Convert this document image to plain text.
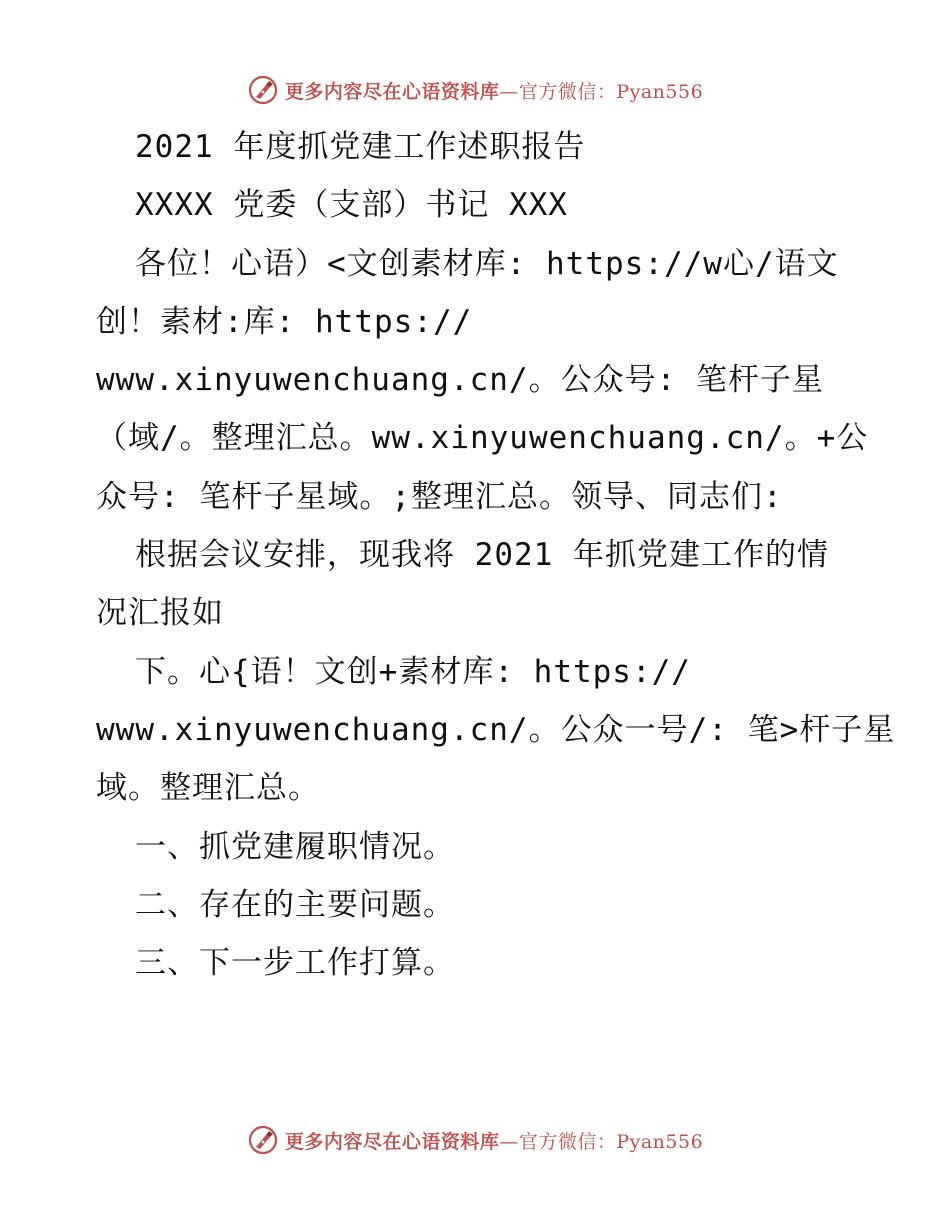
更多内容尽在心语资料库—官方微信：Pyan556
2021 年度抓党建工作述职报告
XXXX 党委（支部）书记 XXX
各位！心语）<文创素材库: https://w心/语文
创！素材:库: https://
www.xinyuwenchuang.cn/。公众号: 笔杆子星
（域/。整理汇总。ww.xinyuwenchuang.cn/。+公
众号: 笔杆子星域。;整理汇总。领导、同志们:
根据会议安排，现我将 2021 年抓党建工作的情
况汇报如
下。心{语！文创+素材库: https://
www.xinyuwenchuang.cn/。公众一号/: 笔>杆子星
域。整理汇总。
一、抓党建履职情况。
二、存在的主要问题。
三、下一步工作打算。
更多内容尽在心语资料库—官方微信：Pyan556
